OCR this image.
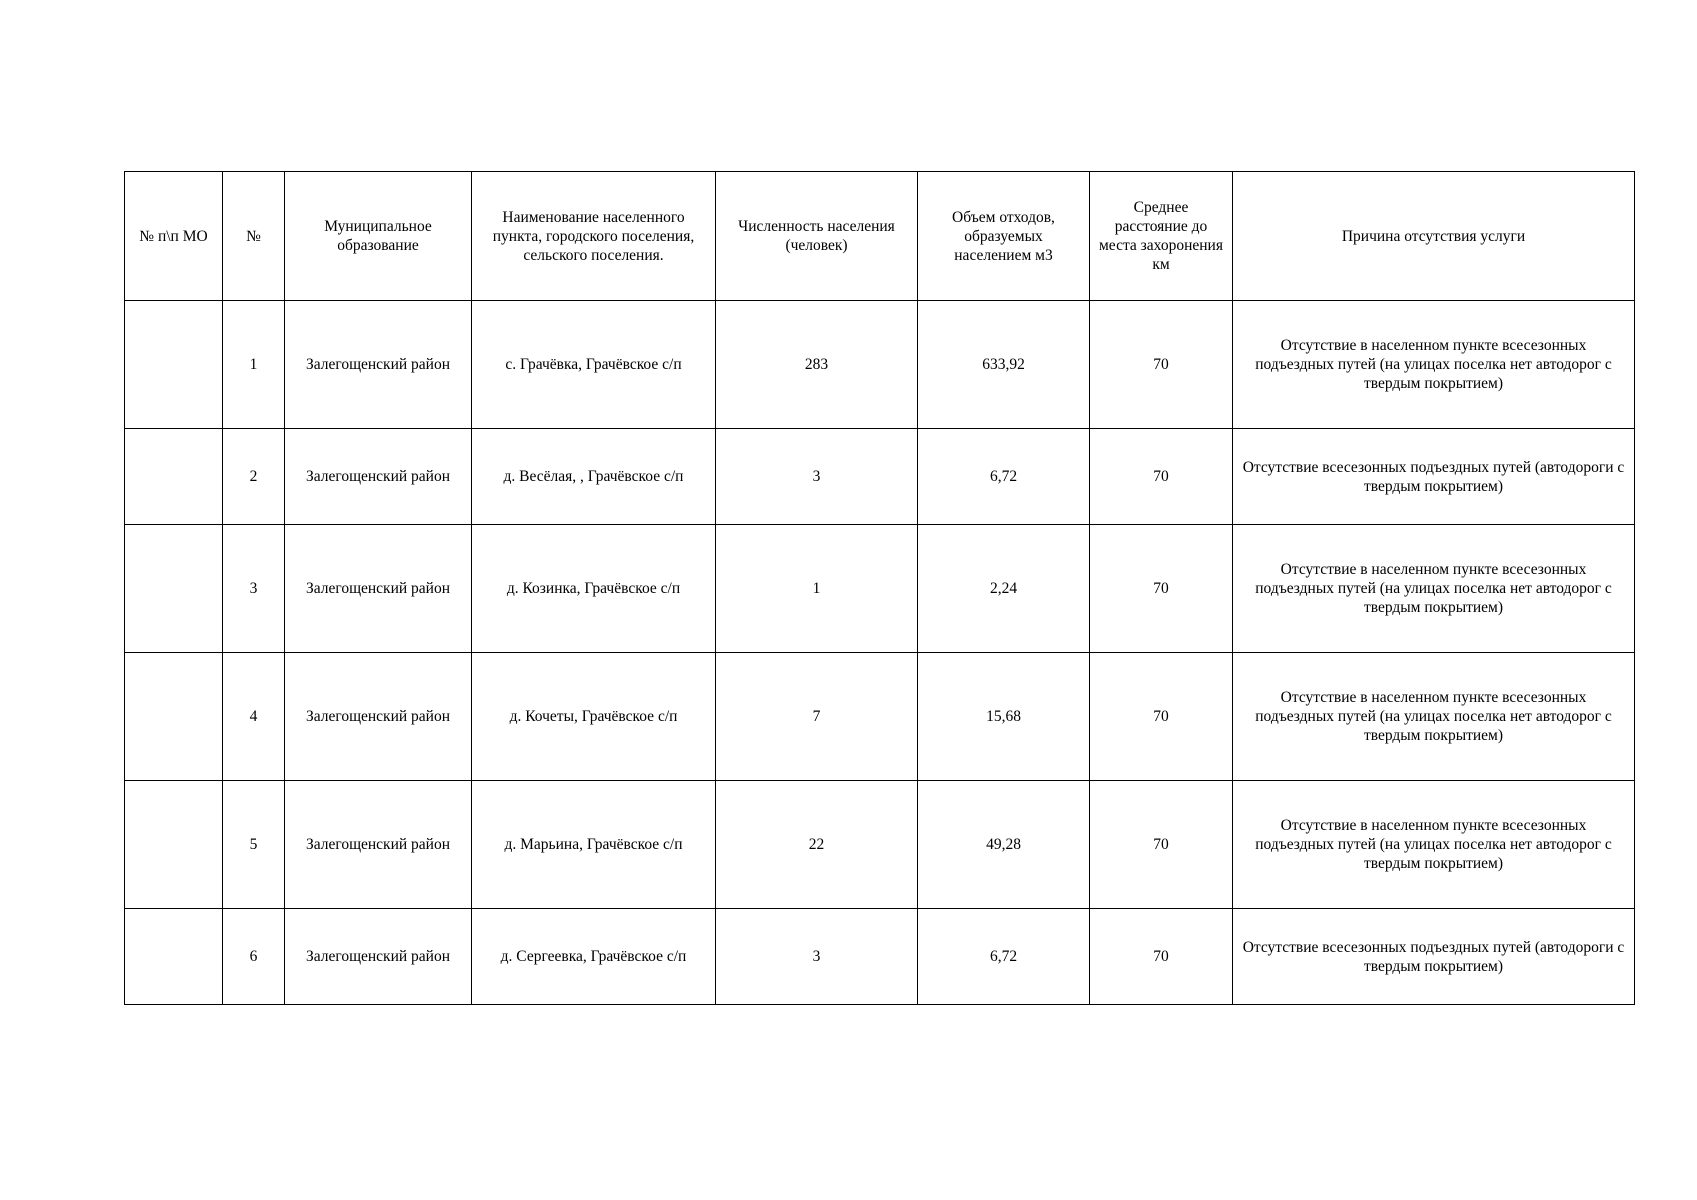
№ п\п МО	№	Муниципальное образование	Наименование населенного пункта, городского поселения, сельского поселения.	Численность населения (человек)	Объем отходов, образуемых населением м3	Среднее расстояние до места захоронения км	Причина отсутствия услуги
	1	Залегощенский район	с. Грачёвка, Грачёвское с/п	283	633,92	70	Отсутствие в населенном пункте всесезонных подъездных путей (на улицах поселка нет автодорог с твердым покрытием)
	2	Залегощенский район	д. Весёлая, , Грачёвское с/п	3	6,72	70	Отсутствие всесезонных подъездных путей (автодороги с твердым покрытием)
	3	Залегощенский район	д. Козинка, Грачёвское с/п	1	2,24	70	Отсутствие в населенном пункте всесезонных подъездных путей (на улицах поселка нет автодорог с твердым покрытием)
	4	Залегощенский район	д. Кочеты, Грачёвское с/п	7	15,68	70	Отсутствие в населенном пункте всесезонных подъездных путей (на улицах поселка нет автодорог с твердым покрытием)
	5	Залегощенский район	д. Марьина, Грачёвское с/п	22	49,28	70	Отсутствие в населенном пункте всесезонных подъездных путей (на улицах поселка нет автодорог с твердым покрытием)
	6	Залегощенский район	д. Сергеевка, Грачёвское с/п	3	6,72	70	Отсутствие всесезонных подъездных путей (автодороги с твердым покрытием)
